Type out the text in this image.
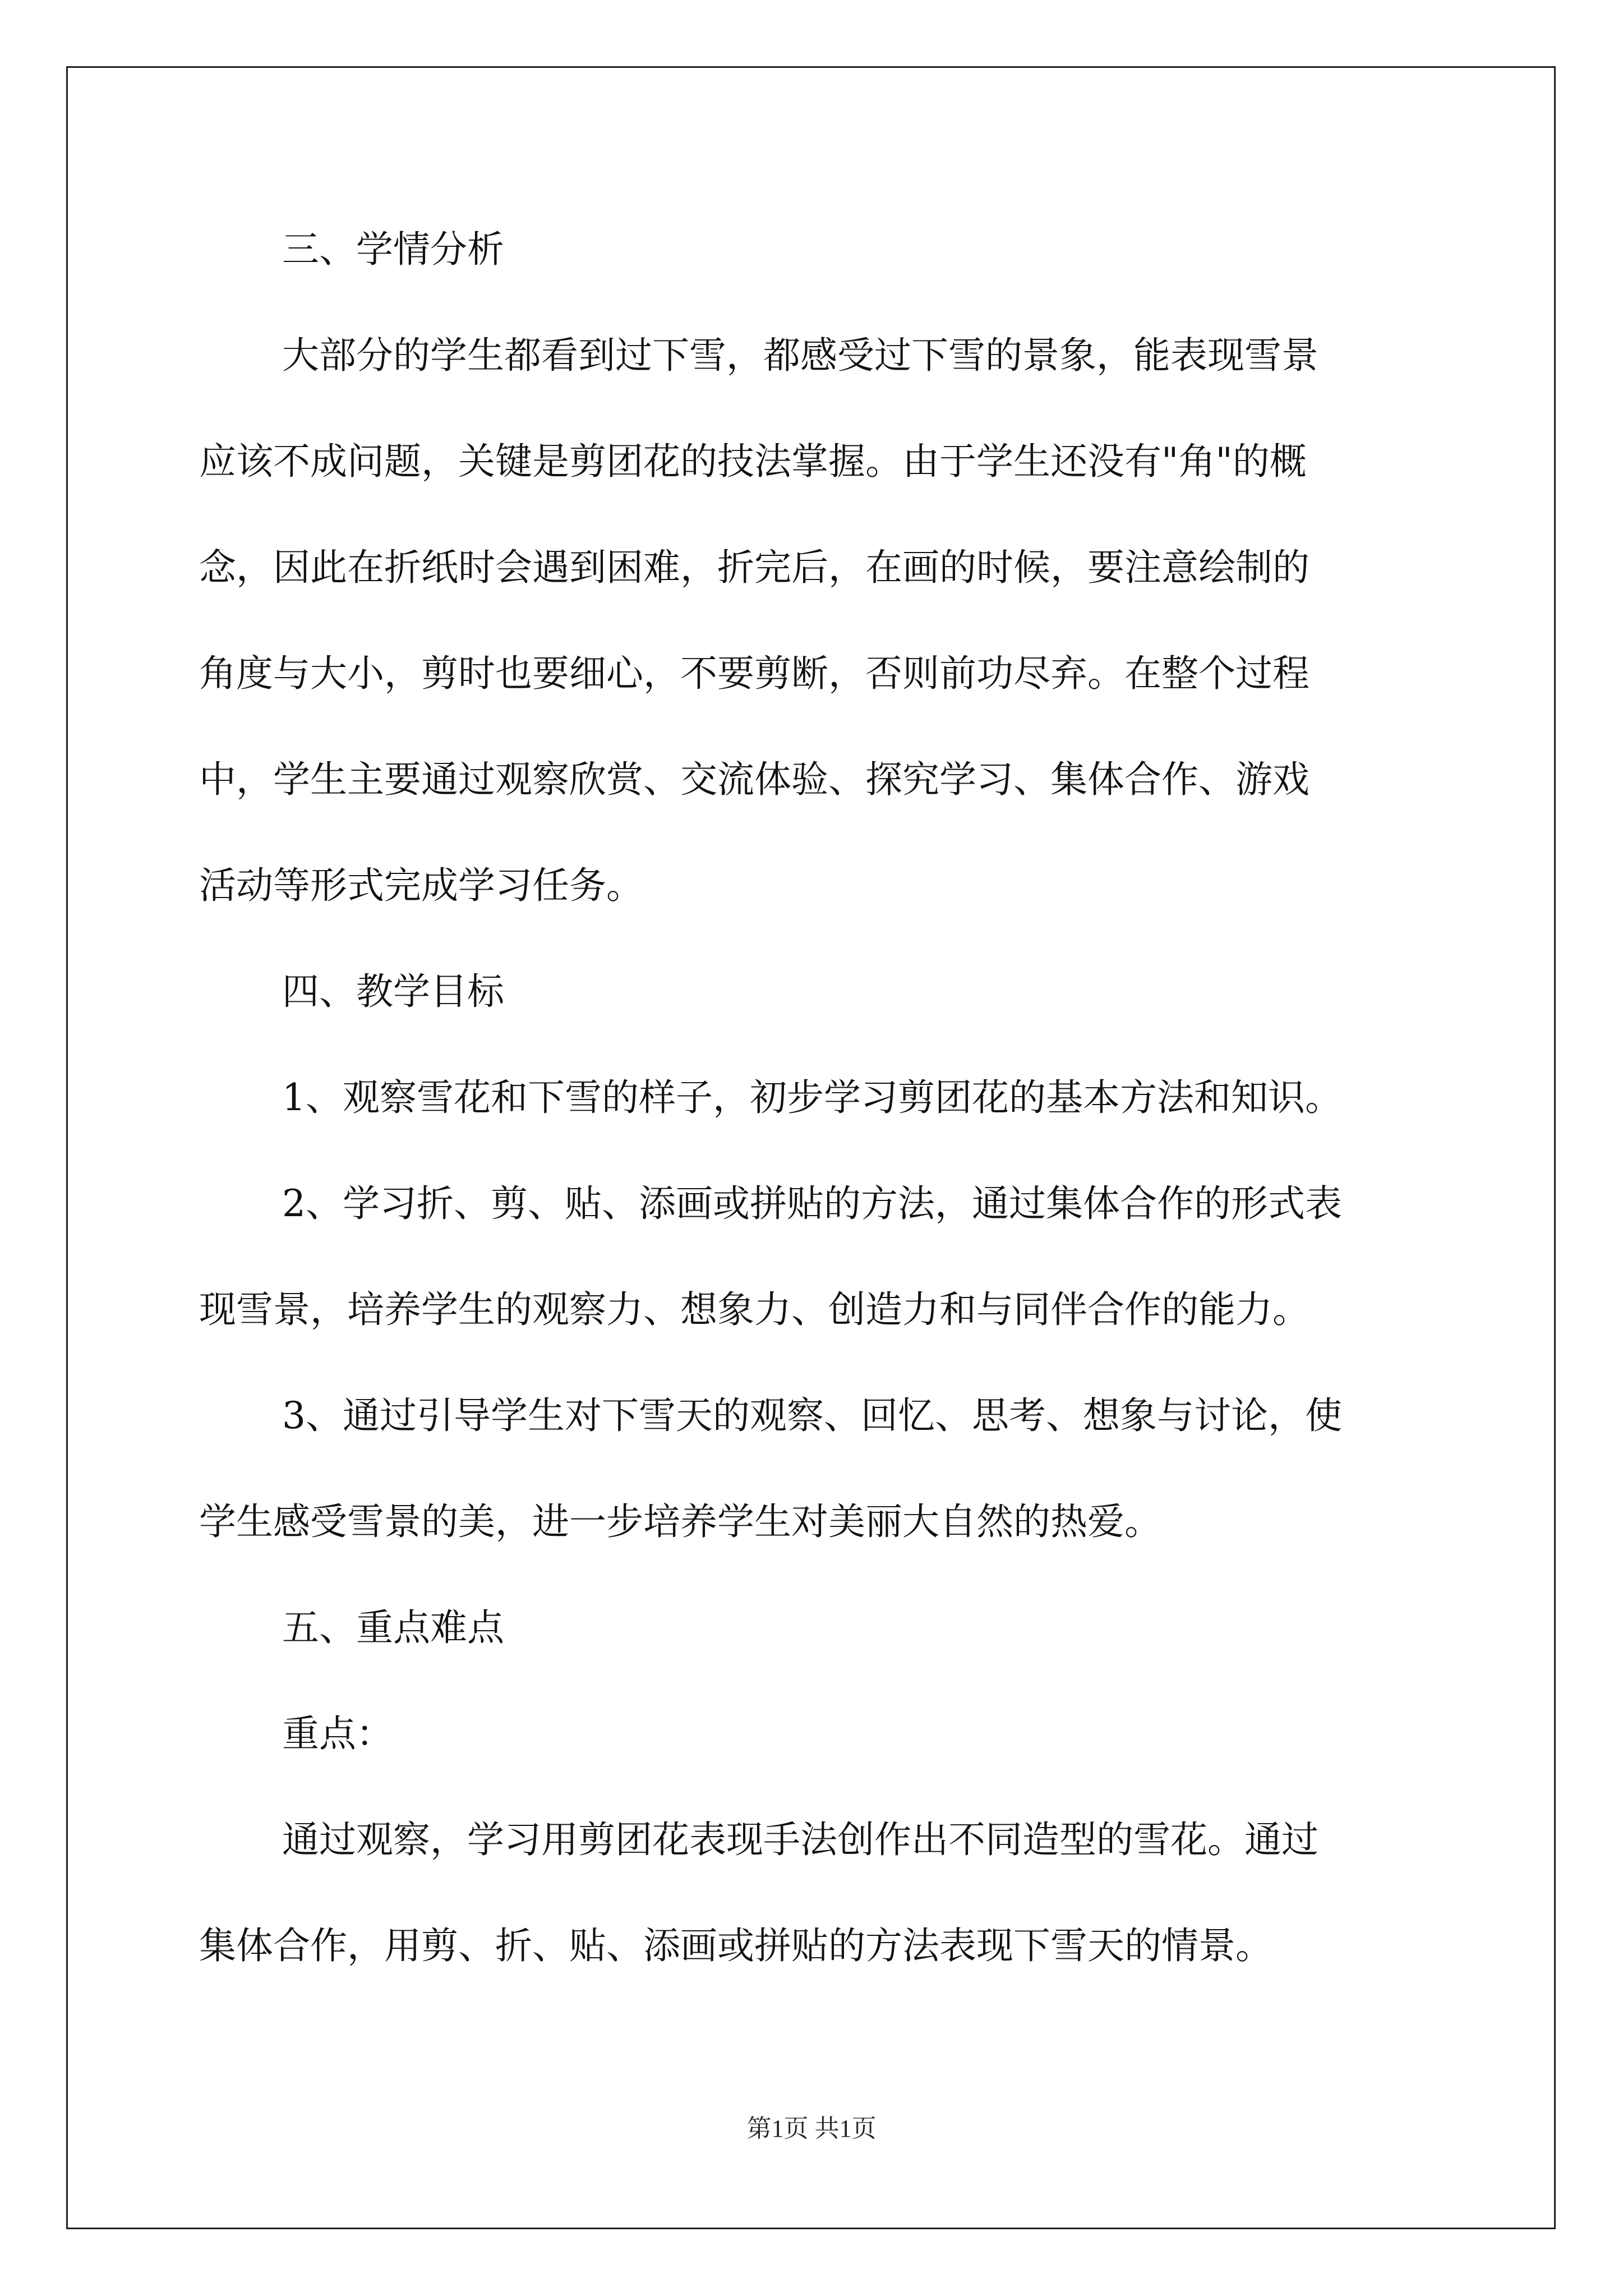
三、学情分析
大部分的学生都看到过下雪，都感受过下雪的景象，能表现雪景
应该不成问题，关键是剪团花的技法掌握。由于学生还没有"角"的概
念，因此在折纸时会遇到困难，折完后，在画的时候，要注意绘制的
角度与大小，剪时也要细心，不要剪断，否则前功尽弃。在整个过程
中，学生主要通过观察欣赏、交流体验、探究学习、集体合作、游戏
活动等形式完成学习任务。
四、教学目标
1、观察雪花和下雪的样子，初步学习剪团花的基本方法和知识。
2、学习折、剪、贴、添画或拼贴的方法，通过集体合作的形式表
现雪景，培养学生的观察力、想象力、创造力和与同伴合作的能力。
3、通过引导学生对下雪天的观察、回忆、思考、想象与讨论，使
学生感受雪景的美，进一步培养学生对美丽大自然的热爱。
五、重点难点
重点：
通过观察，学习用剪团花表现手法创作出不同造型的雪花。通过
集体合作，用剪、折、贴、添画或拼贴的方法表现下雪天的情景。
第1页 共1页
